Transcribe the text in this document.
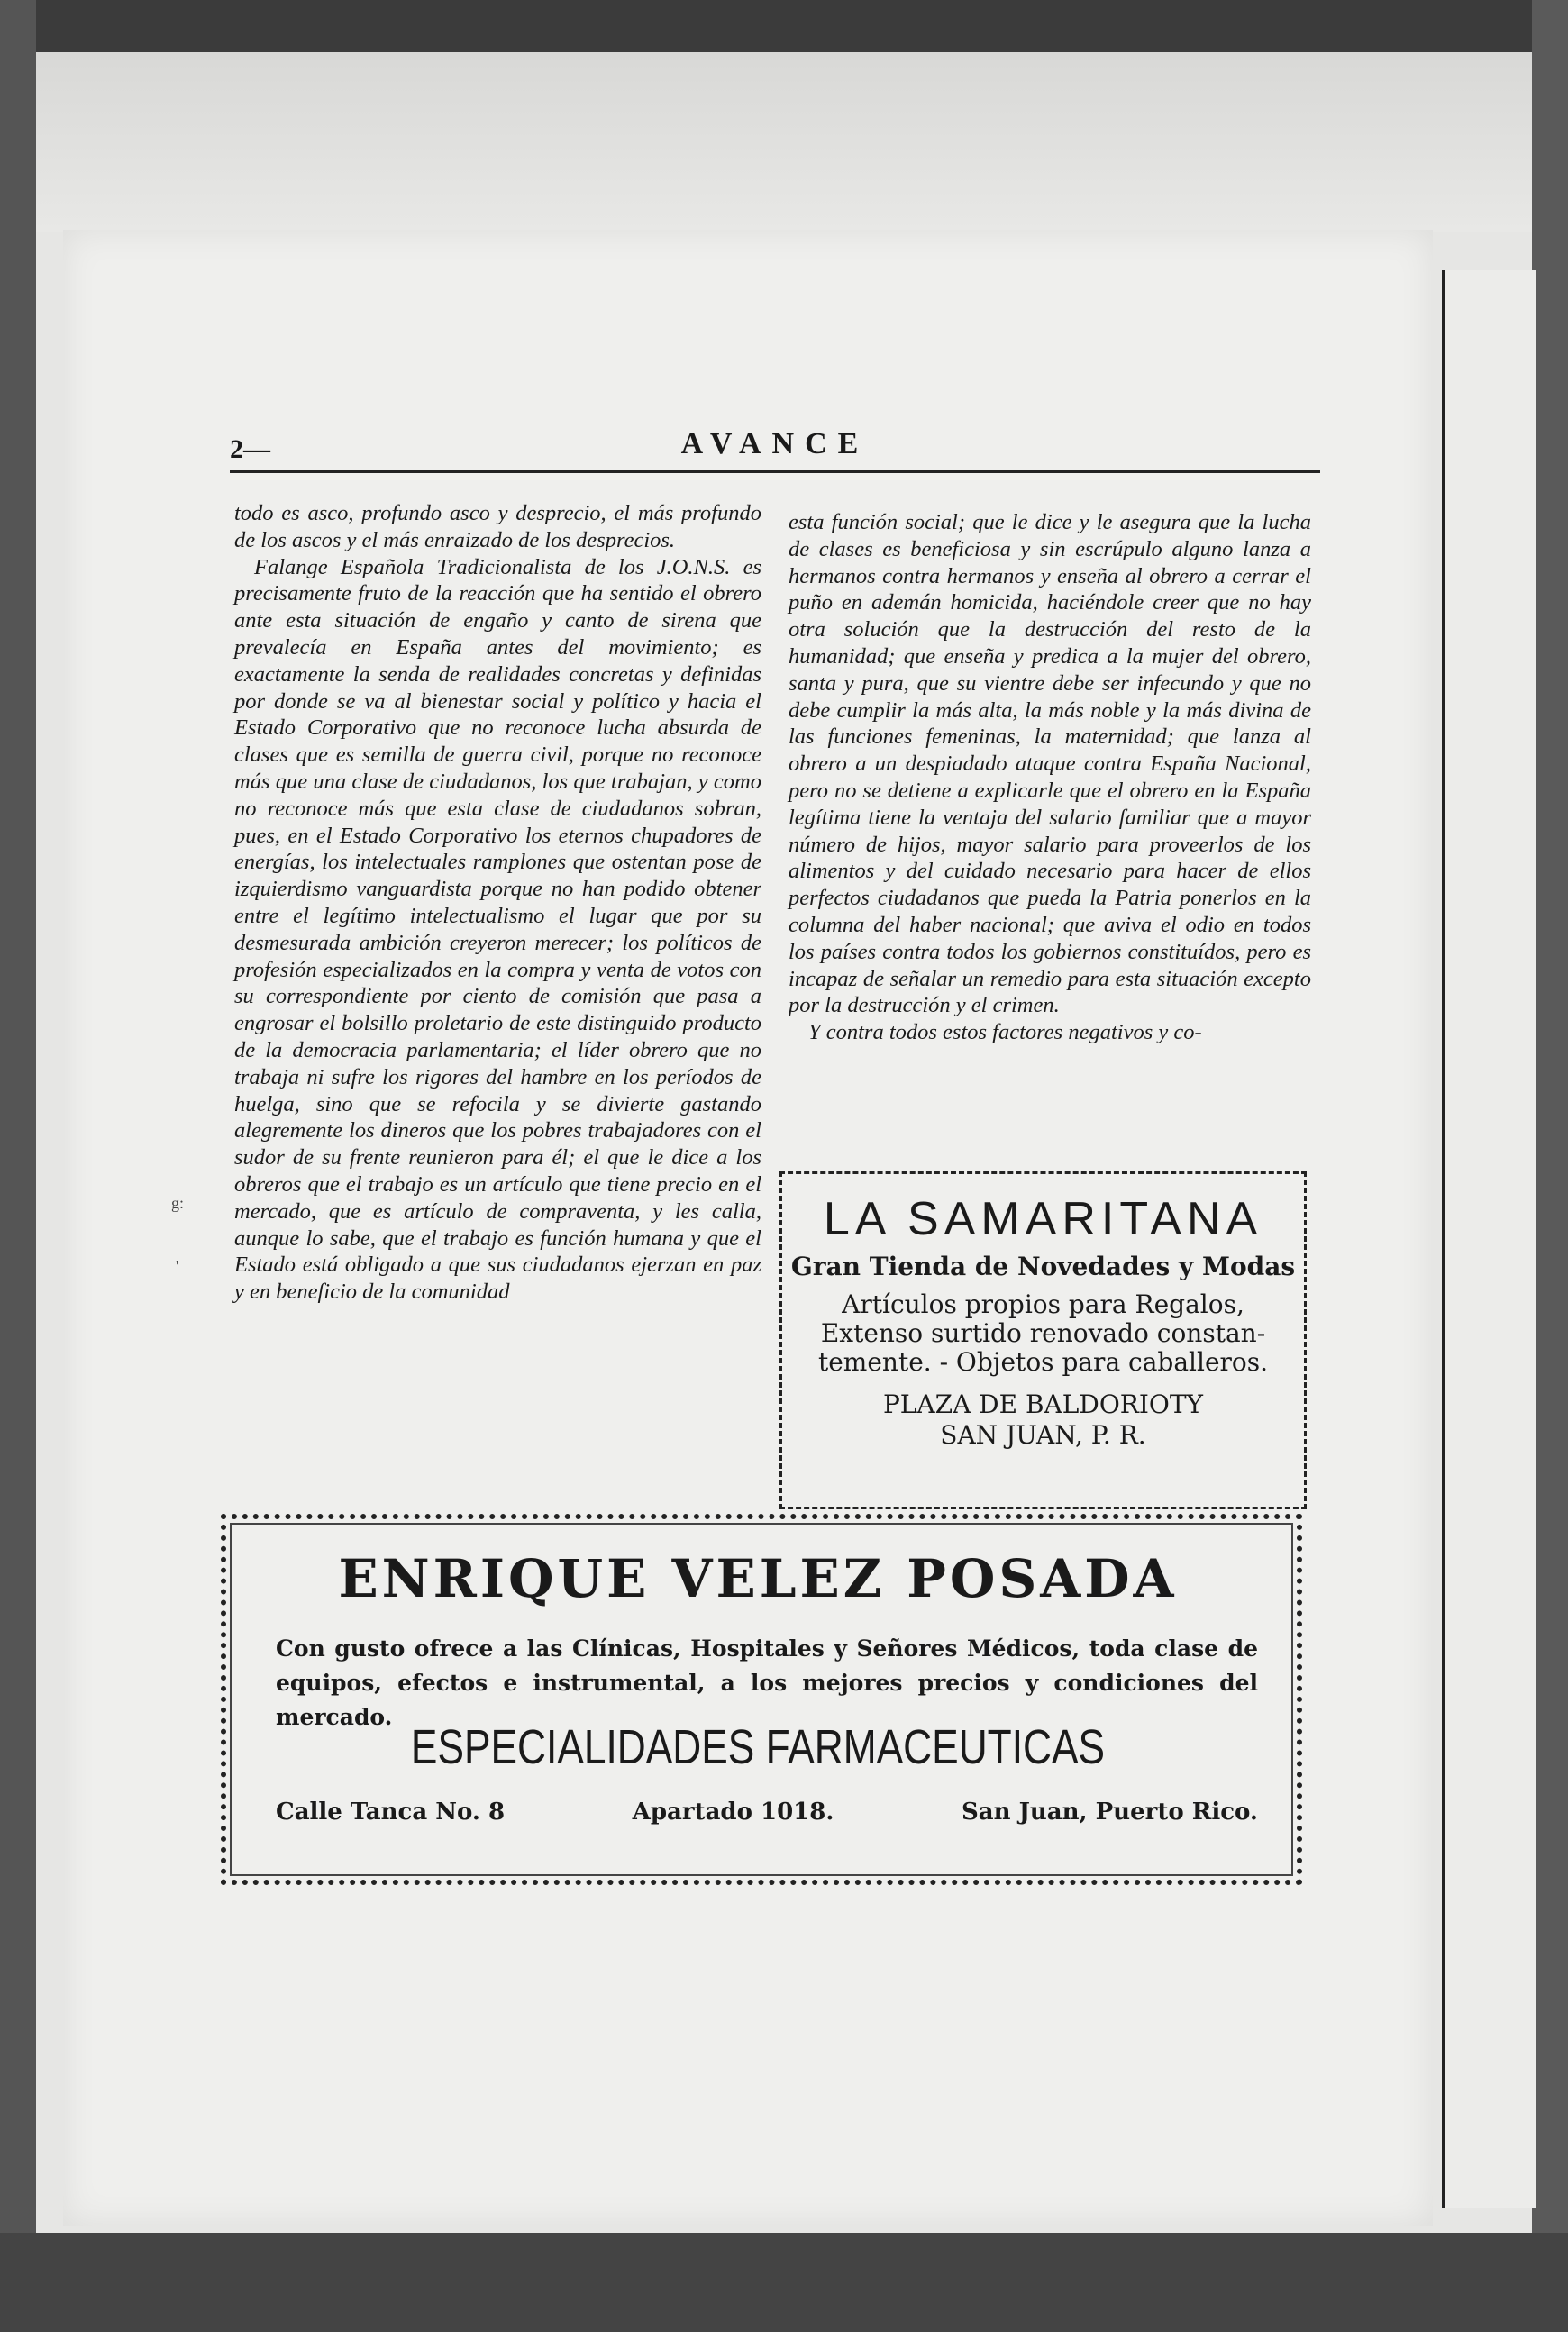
2—	AVANCE

todo es asco, profundo asco y desprecio, el más profundo de los ascos y el más enraizado de los desprecios.

Falange Española Tradicionalista de los J.O.N.S. es precisamente fruto de la reacción que ha sentido el obrero ante esta situación de engaño y canto de sirena que prevalecía en España antes del movimiento; es exactamente la senda de realidades concretas y definidas por donde se va al bienestar social y político y hacia el Estado Corporativo que no reconoce lucha absurda de clases que es semilla de guerra civil, porque no reconoce más que una clase de ciudadanos, los que trabajan, y como no reconoce más que esta clase de ciudadanos sobran, pues, en el Estado Corporativo los eternos chupadores de energías, los intelectuales ramplones que ostentan pose de izquierdismo vanguardista porque no han podido obtener entre el legítimo intelectualismo el lugar que por su desmesurada ambición creyeron merecer; los políticos de profesión especializados en la compra y venta de votos con su correspondiente por ciento de comisión que pasa a engrosar el bolsillo proletario de este distinguido producto de la democracia parlamentaria; el líder obrero que no trabaja ni sufre los rigores del hambre en los períodos de huelga, sino que se refocila y se divierte gastando alegremente los dineros que los pobres trabajadores con el sudor de su frente reunieron para él; el que le dice a los obreros que el trabajo es un artículo que tiene precio en el mercado, que es artículo de compraventa, y les calla, aunque lo sabe, que el trabajo es función humana y que el Estado está obligado a que sus ciudadanos ejerzan en paz y en beneficio de la comunidad

esta función social; que le dice y le asegura que la lucha de clases es beneficiosa y sin escrúpulo alguno lanza a hermanos contra hermanos y enseña al obrero a cerrar el puño en ademán homicida, haciéndole creer que no hay otra solución que la destrucción del resto de la humanidad; que enseña y predica a la mujer del obrero, santa y pura, que su vientre debe ser infecundo y que no debe cumplir la más alta, la más noble y la más divina de las funciones femeninas, la maternidad; que lanza al obrero a un despiadado ataque contra España Nacional, pero no se detiene a explicarle que el obrero en la España legítima tiene la ventaja del salario familiar que a mayor número de hijos, mayor salario para proveerlos de los alimentos y del cuidado necesario para hacer de ellos perfectos ciudadanos que pueda la Patria ponerlos en la columna del haber nacional; que aviva el odio en todos los países contra todos los gobiernos constituídos, pero es incapaz de señalar un remedio para esta situación excepto por la destrucción y el crimen.

Y contra todos estos factores negativos y co-

LA SAMARITANA
Gran Tienda de Novedades y Modas
Artículos propios para Regalos,
Extenso surtido renovado constan-
temente. - Objetos para caballeros.
PLAZA DE BALDORIOTY
SAN JUAN, P. R.
ENRIQUE VELEZ POSADA
Con gusto ofrece a las Clínicas, Hospitales y Señores Médicos, toda clase de equipos, efectos e instrumental, a los mejores precios y condiciones del mercado.
ESPECIALIDADES FARMACEUTICAS
Calle Tanca No. 8	Apartado 1018.	San Juan, Puerto Rico.
g:
'
